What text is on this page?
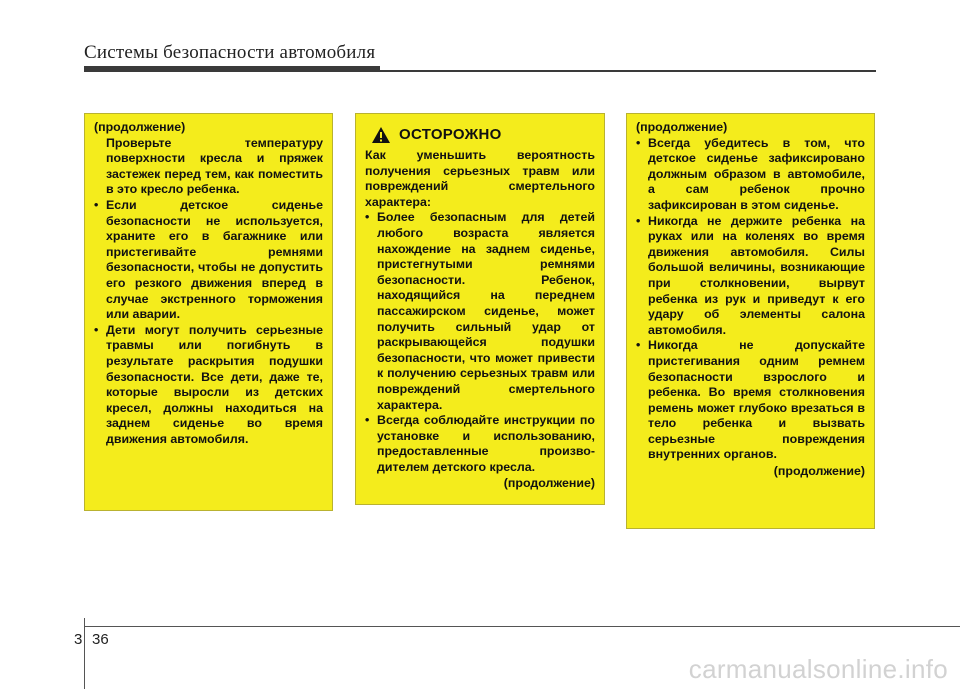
Системы безопасности автомобиля
(продолжение)

Проверьте температуру поверхности кресла и пряжек застежек перед тем, как поместить в это кресло ребенка.

• Если детское сиденье безопасности не используется, храните его в багажнике или пристегивайте ремнями безопасности, чтобы не допустить его резкого движения вперед в случае экстренного торможения или аварии.
• Дети могут получить серьезные травмы или погибнуть в результате раскрытия подушки безопасности. Все дети, даже те, которые выросли из детских кресел, должны находиться на заднем сиденье во время движения автомобиля.
ОСТОРОЖНО

Как уменьшить вероятность получения серьезных травм или повреждений смертельного характера:

• Более безопасным для детей любого возраста является нахождение на заднем сиденье, пристегнутыми ремнями безопасности. Ребенок, находящийся на переднем пассажирском сиденье, может получить сильный удар от раскрывающейся подушки безопасности, что может привести к получению серьезных травм или повреждений смертельного характера.
• Всегда соблюдайте инструкции по установке и использованию, предоставленные произво-дителем детского кресла.
(продолжение)
(продолжение)
• Всегда убедитесь в том, что детское сиденье зафиксировано должным образом в автомобиле, а сам ребенок прочно зафиксирован в этом сиденье.
• Никогда не держите ребенка на руках или на коленях во время движения автомобиля. Силы большой величины, возникающие при столкновении, вырвут ребенка из рук и приведут к его удару об элементы салона автомобиля.
• Никогда не допускайте пристегивания одним ремнем безопасности взрослого и ребенка. Во время столкновения ремень может глубоко врезаться в тело ребенка и вызвать серьезные повреждения внутренних органов.
(продолжение)
3 36
carmanualsonline.info
